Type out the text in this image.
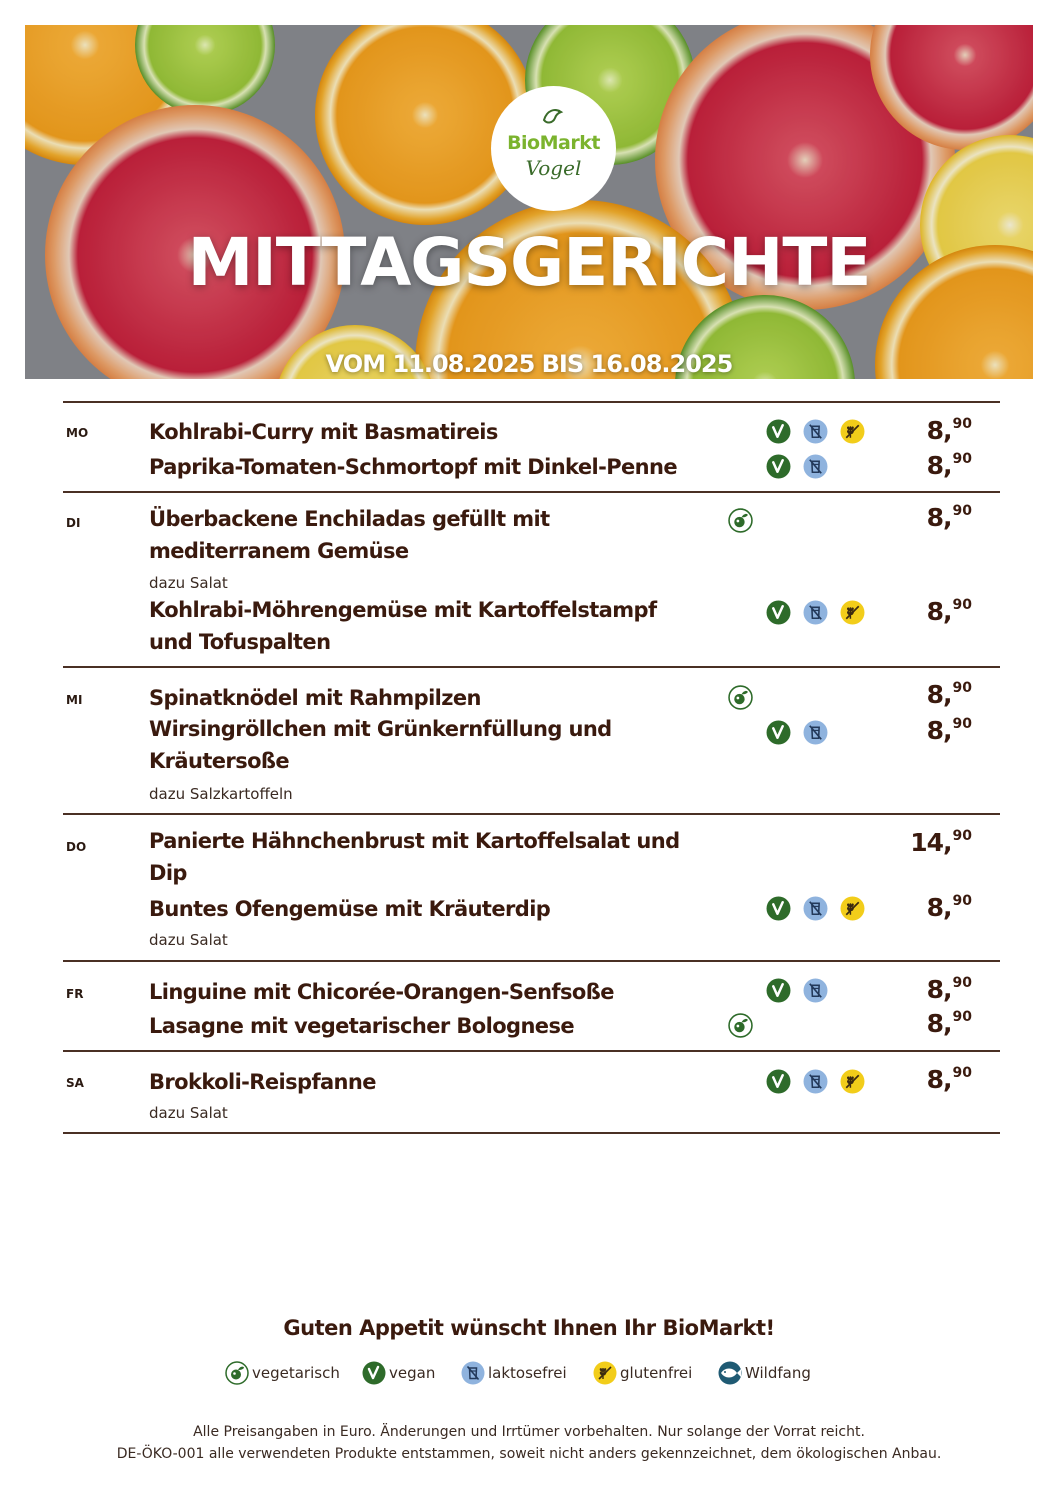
BioMarkt
Vogel
MITTAGSGERICHTE
VOM 11.08.2025 BIS 16.08.2025
MO	Kohlrabi-Curry mit Basmatireis	8,90
Paprika-Tomaten-Schmortopf mit Dinkel-Penne	8,90
DI	Überbackene Enchiladas gefüllt mit
mediterranem Gemüse
8,90
dazu Salat
Kohlrabi-Möhrengemüse mit Kartoffelstampf
und Tofuspalten
8,90
MI	Spinatknödel mit Rahmpilzen	8,90
Wirsingröllchen mit Grünkernfüllung und
Kräutersoße
8,90
dazu Salzkartoffeln
DO	Panierte Hähnchenbrust mit Kartoffelsalat und
Dip
14,90
Buntes Ofengemüse mit Kräuterdip	8,90
dazu Salat
FR	Linguine mit Chicorée-Orangen-Senfsoße	8,90
Lasagne mit vegetarischer Bolognese	8,90
SA	Brokkoli-Reispfanne	8,90
dazu Salat
Guten Appetit wünscht Ihnen Ihr BioMarkt!
vegetarisch	vegan	laktosefrei	glutenfrei	Wildfang
Alle Preisangaben in Euro. Änderungen und Irrtümer vorbehalten. Nur solange der Vorrat reicht.
DE-ÖKO-001 alle verwendeten Produkte entstammen, soweit nicht anders gekennzeichnet, dem ökologischen Anbau.
